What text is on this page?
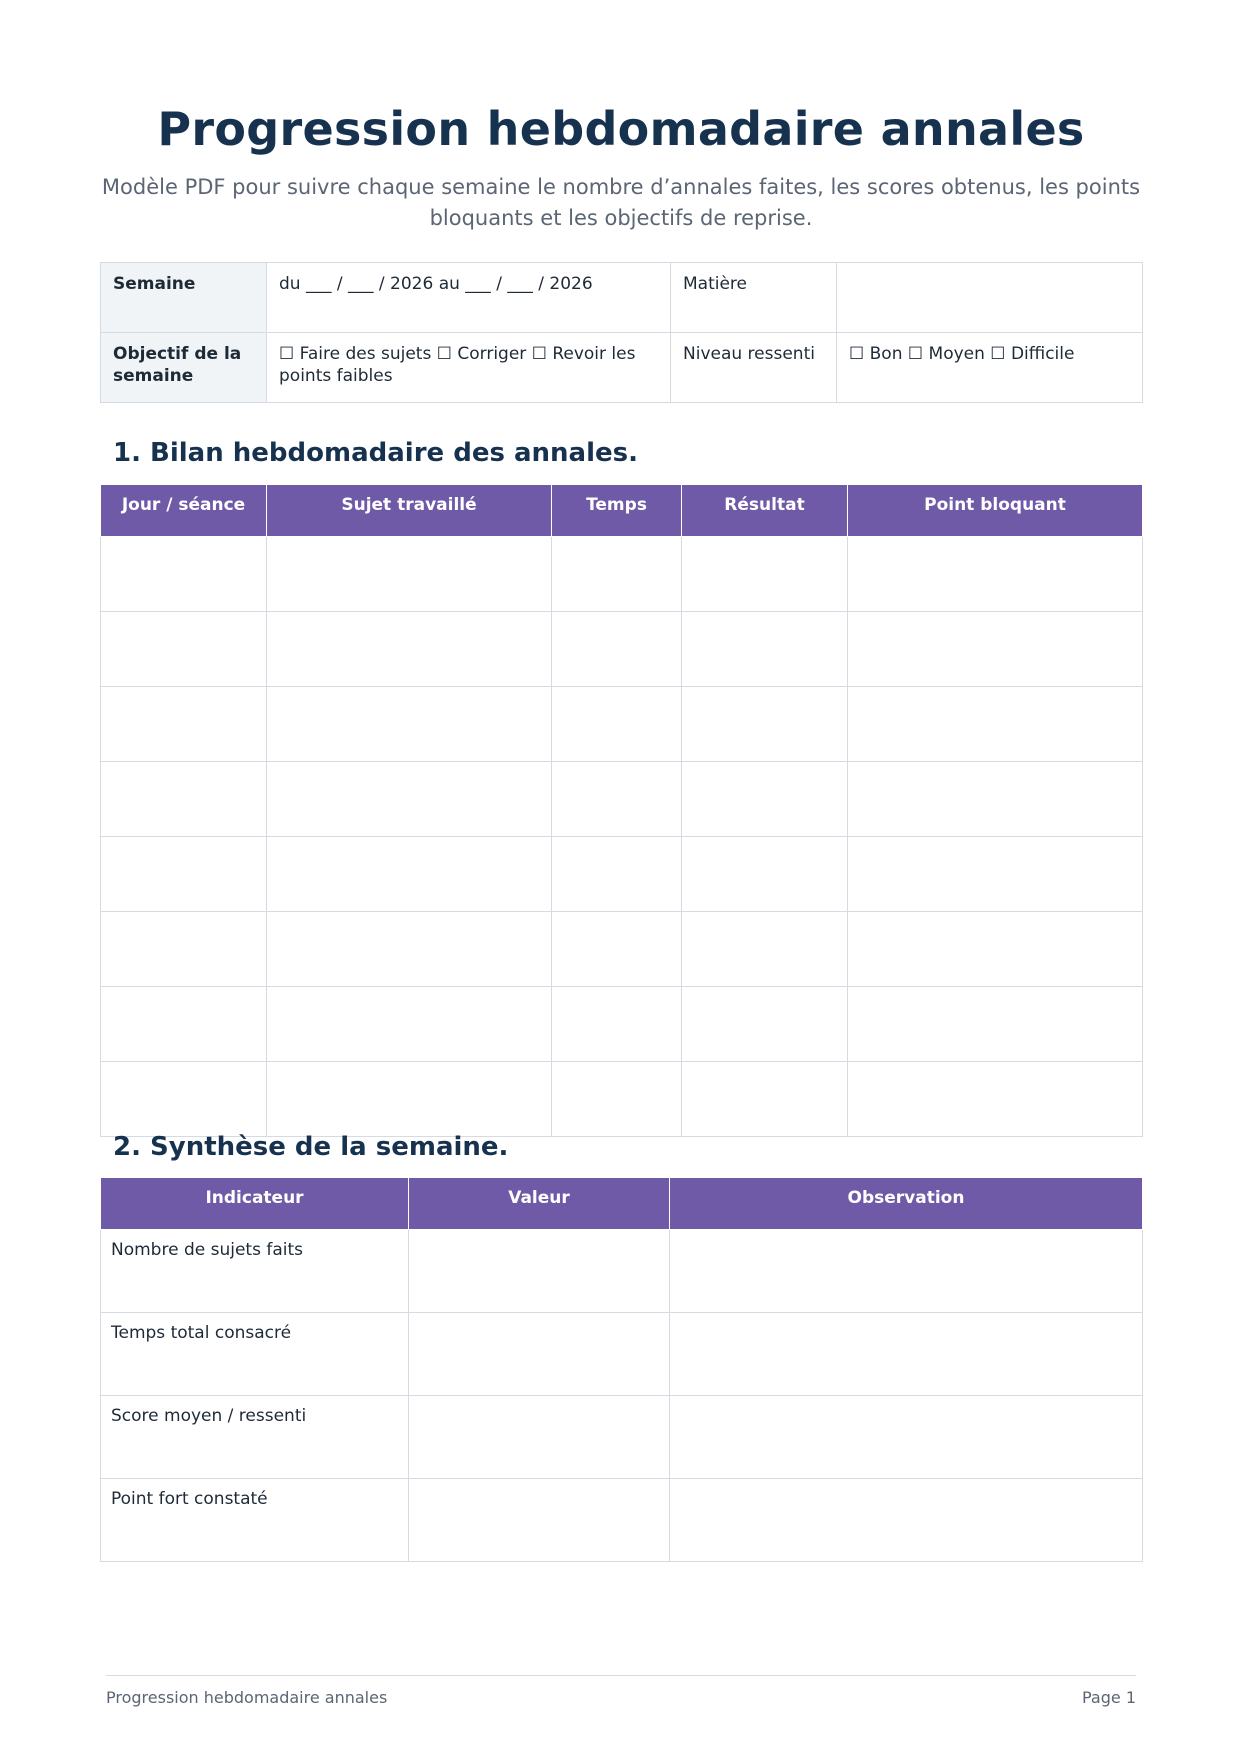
Progression hebdomadaire annales
Modèle PDF pour suivre chaque semaine le nombre d’annales faites, les scores obtenus, les points bloquants et les objectifs de reprise.
Semaine	du ___ / ___ / 2026 au ___ / ___ / 2026	Matière	
Objectif de la semaine	☐ Faire des sujets ☐ Corriger ☐ Revoir les points faibles	Niveau ressenti	☐ Bon ☐ Moyen ☐ Difficile
1. Bilan hebdomadaire des annales.
Jour / séance	Sujet travaillé	Temps	Résultat	Point bloquant

2. Synthèse de la semaine.
Indicateur	Valeur	Observation
Nombre de sujets faits		
Temps total consacré		
Score moyen / ressenti		
Point fort constaté		
Progression hebdomadaire annales	Page 1
